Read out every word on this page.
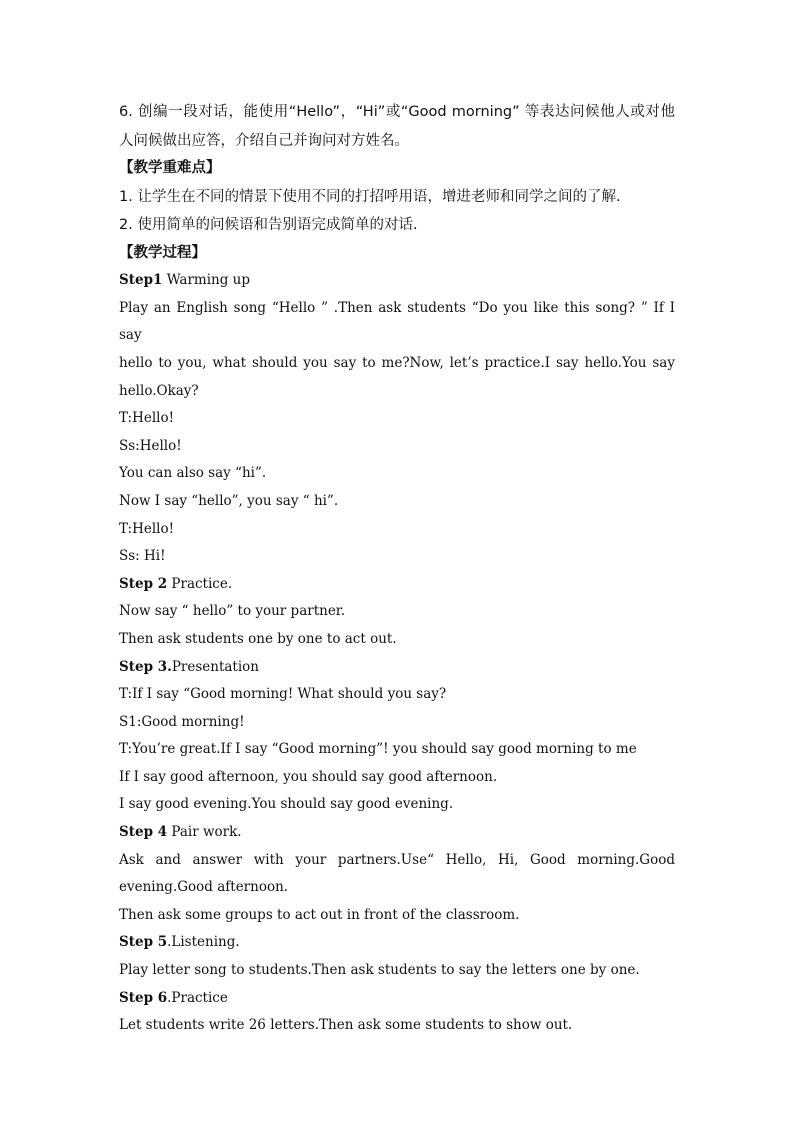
6. 创编一段对话，能使用“Hello”，“Hi”或“Good morning” 等表达问候他人或对他
人问候做出应答，介绍自己并询问对方姓名。
【教学重难点】
1. 让学生在不同的情景下使用不同的打招呼用语，增进老师和同学之间的了解.
2. 使用简单的问候语和告别语完成简单的对话.
【教学过程】
Step1 Warming up
Play an English song “Hello ” .Then ask students “Do you like this song? ” If I say
hello to you, what should you say to me?Now, let’s practice.I say hello.You say
hello.Okay?
T:Hello!
Ss:Hello!
You can also say “hi”.
Now I say “hello”, you say “ hi”.
T:Hello!
Ss: Hi!
Step 2 Practice.
Now say “ hello” to your partner.
Then ask students one by one to act out.
Step 3.Presentation
T:If I say “Good morning! What should you say?
S1:Good morning!
T:You’re great.If I say “Good morning”! you should say good morning to me
If I say good afternoon, you should say good afternoon.
I say good evening.You should say good evening.
Step 4 Pair work.
Ask and answer with your partners.Use“ Hello, Hi, Good morning.Good
evening.Good afternoon.
Then ask some groups to act out in front of the classroom.
Step 5.Listening.
Play letter song to students.Then ask students to say the letters one by one.
Step 6.Practice
Let students write 26 letters.Then ask some students to show out.
